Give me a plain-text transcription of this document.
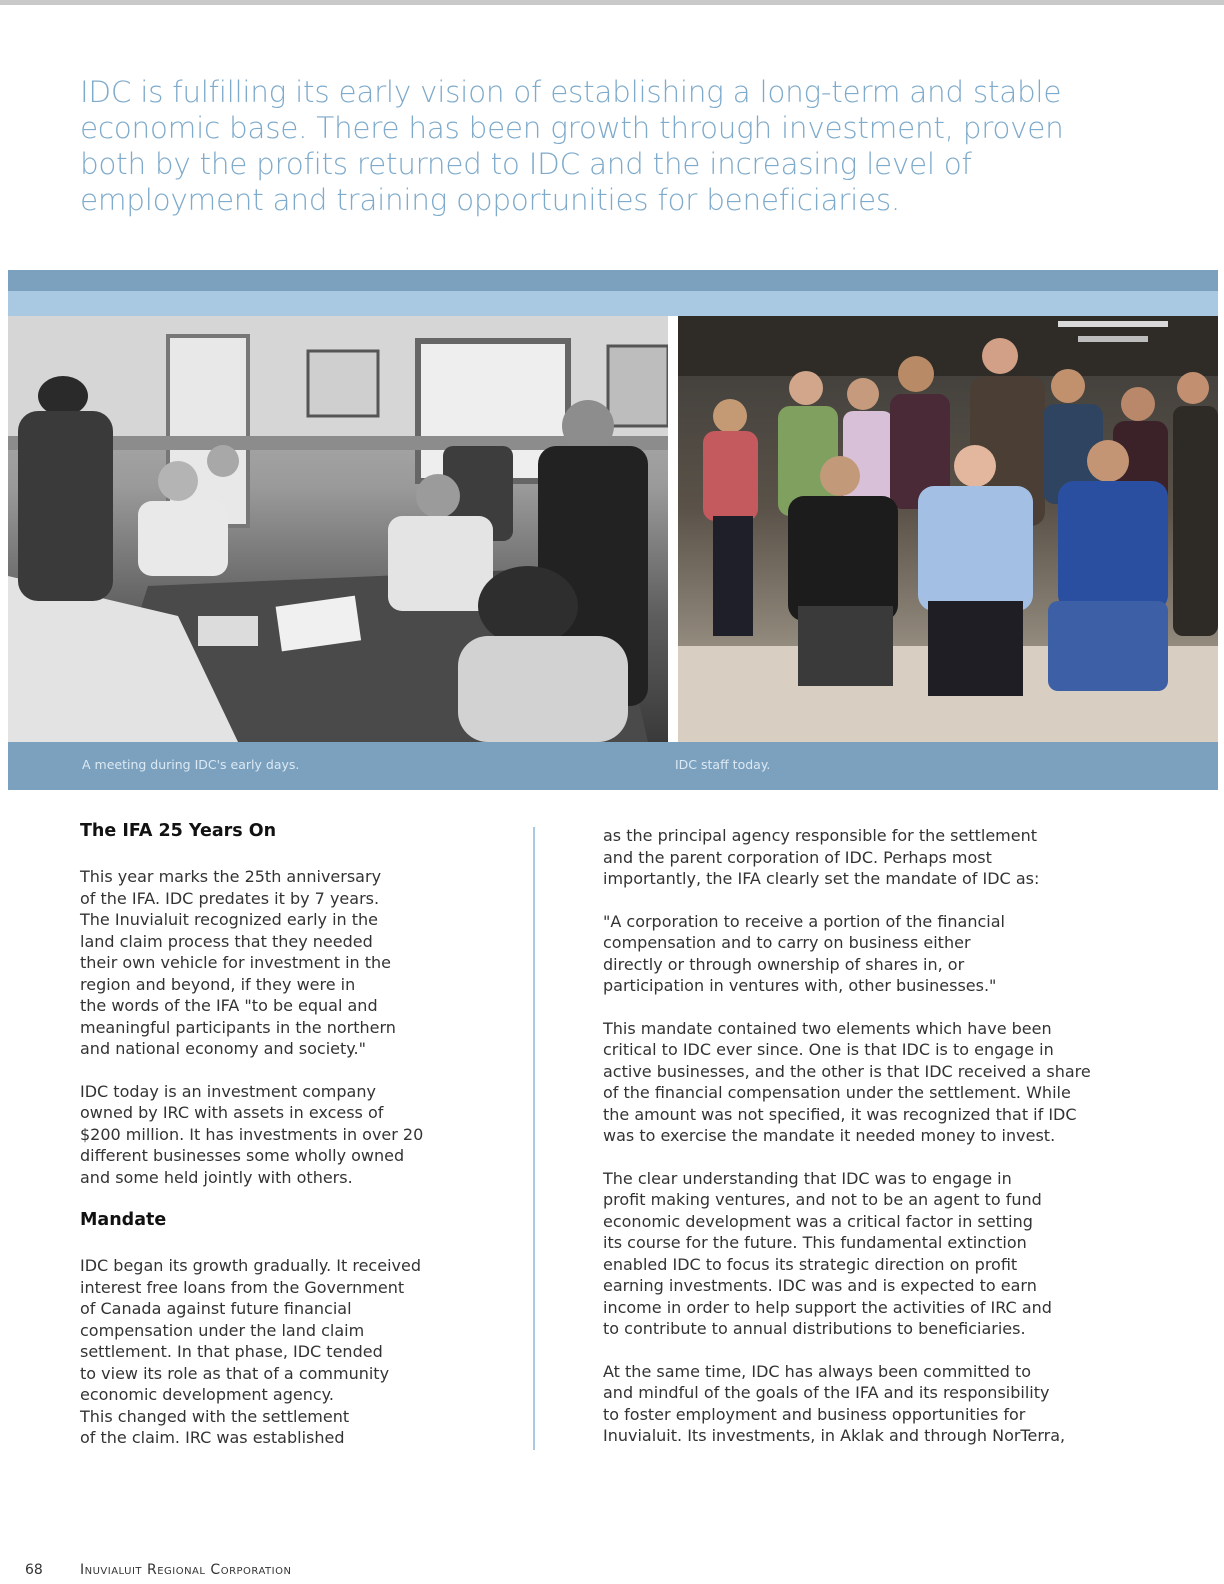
IDC is fulfilling its early vision of establishing a long-term and stable economic base. There has been growth through investment, proven both by the profits returned to IDC and the increasing level of employment and training opportunities for beneficiaries.

A meeting during IDC's early days.	IDC staff today.
The IFA 25 Years On

This year marks the 25th anniversary
of the IFA. IDC predates it by 7 years.
The Inuvialuit recognized early in the
land claim process that they needed
their own vehicle for investment in the
region and beyond, if they were in
the words of the IFA "to be equal and
meaningful participants in the northern
and national economy and society."

IDC today is an investment company
owned by IRC with assets in excess of
$200 million. It has investments in over 20
different businesses some wholly owned
and some held jointly with others.

Mandate

IDC began its growth gradually. It received
interest free loans from the Government
of Canada against future financial
compensation under the land claim
settlement. In that phase, IDC tended
to view its role as that of a community
economic development agency.
This changed with the settlement
of the claim. IRC was established

as the principal agency responsible for the settlement
and the parent corporation of IDC. Perhaps most
importantly, the IFA clearly set the mandate of IDC as:

"A corporation to receive a portion of the financial
compensation and to carry on business either
directly or through ownership of shares in, or
participation in ventures with, other businesses."

This mandate contained two elements which have been
critical to IDC ever since. One is that IDC is to engage in
active businesses, and the other is that IDC received a share
of the financial compensation under the settlement. While
the amount was not specified, it was recognized that if IDC
was to exercise the mandate it needed money to invest.

The clear understanding that IDC was to engage in
profit making ventures, and not to be an agent to fund
economic development was a critical factor in setting
its course for the future. This fundamental extinction
enabled IDC to focus its strategic direction on profit
earning investments. IDC was and is expected to earn
income in order to help support the activities of IRC and
to contribute to annual distributions to beneficiaries.

At the same time, IDC has always been committed to
and mindful of the goals of the IFA and its responsibility
to foster employment and business opportunities for
Inuvialuit. Its investments, in Aklak and through NorTerra,

68	Inuvialuit Regional Corporation
